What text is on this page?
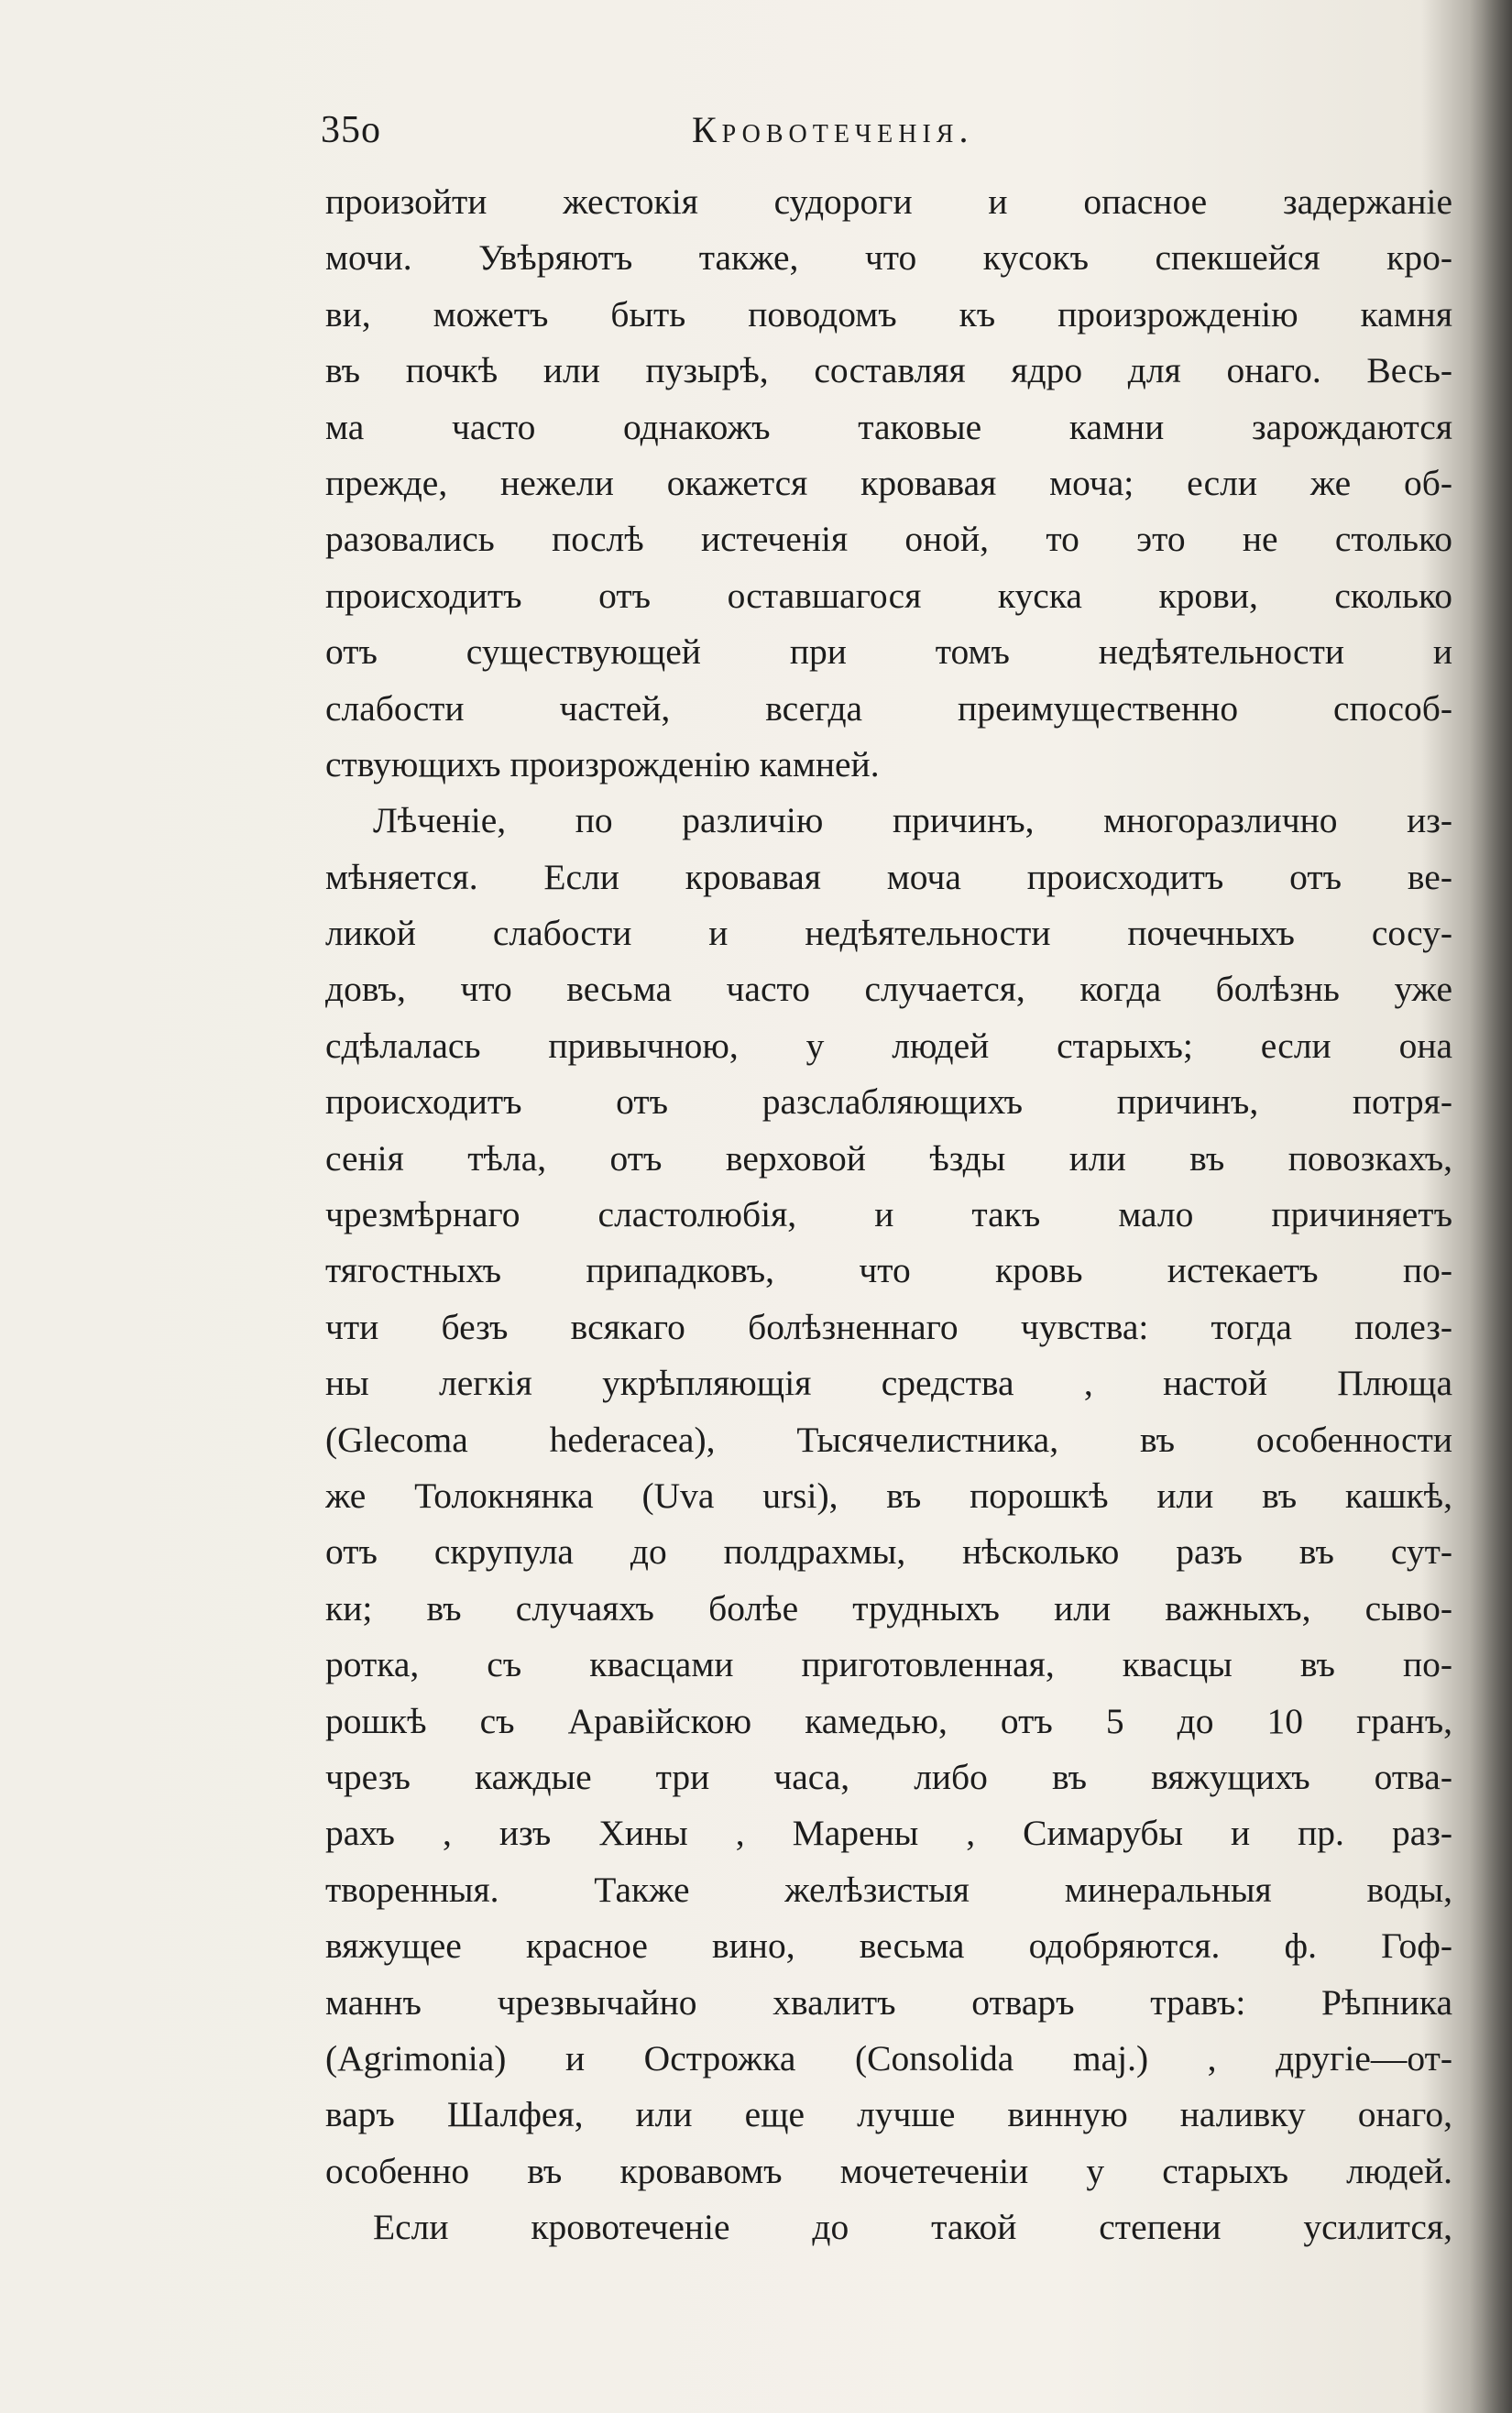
35о	Кровотеченія.
произойти жестокія судороги и опасное задержаніе
мочи. Увѣряютъ также, что кусокъ спекшейся кро-
ви, можетъ быть поводомъ къ произрожденію камня
въ почкѣ или пузырѣ, составляя ядро для онаго. Весь-
ма часто однакожъ таковые камни зарождаются
прежде, нежели окажется кровавая моча; если же об-
разовались послѣ истеченія оной, то это не столько
происходитъ отъ оставшагося куска крови, сколько
отъ существующей при томъ недѣятельности и
слабости частей, всегда преимущественно способ-
ствующихъ произрожденію камней.
Лѣченіе, по различію причинъ, многоразлично из-
мѣняется. Если кровавая моча происходитъ отъ ве-
ликой слабости и недѣятельности почечныхъ сосу-
довъ, что весьма часто случается, когда болѣзнь уже
сдѣлалась привычною, у людей старыхъ; если она
происходитъ отъ разслабляющихъ причинъ, потря-
сенія тѣла, отъ верховой ѣзды или въ повозкахъ,
чрезмѣрнаго сластолюбія, и такъ мало причиняетъ
тягостныхъ припадковъ, что кровь истекаетъ по-
чти безъ всякаго болѣзненнаго чувства: тогда полез-
ны легкія укрѣпляющія средства , настой Плюща
(Glecoma hederacea), Тысячелистника, въ особенности
же Толокнянка (Uva ursi), въ порошкѣ или въ кашкѣ,
отъ скрупула до полдрахмы, нѣсколько разъ въ сут-
ки; въ случаяхъ болѣе трудныхъ или важныхъ, сыво-
ротка, съ квасцами приготовленная, квасцы въ по-
рошкѣ съ Аравійскою камедью, отъ 5 до 10 гранъ,
чрезъ каждые три часа, либо въ вяжущихъ отва-
рахъ , изъ Хины , Марены , Симарубы и пр. раз-
творенныя. Также желѣзистыя минеральныя воды,
вяжущее красное вино, весьма одобряются. ф. Гоф-
маннъ чрезвычайно хвалитъ отваръ травъ: Рѣпника
(Agrimonia) и Острожка (Consolida maj.) , другіе—от-
варъ Шалфея, или еще лучше винную наливку онаго,
особенно въ кровавомъ мочетеченіи у старыхъ людей.
Если кровотеченіе до такой степени усилится,
